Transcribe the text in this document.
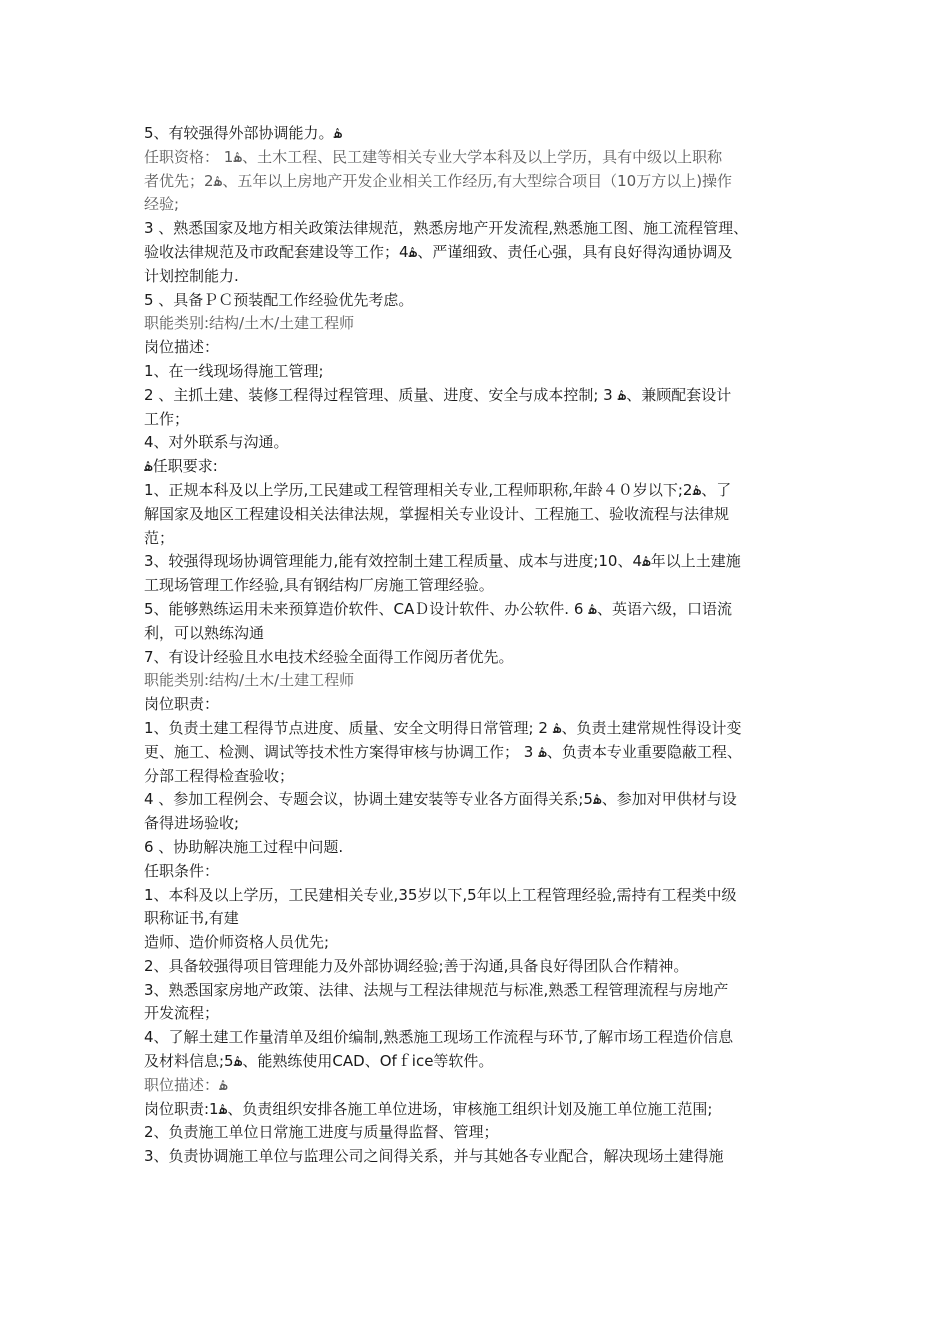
5、有较强得外部协调能力。ۿ
任职资格： 1ۿ、土木工程、民工建等相关专业大学本科及以上学历，具有中级以上职称
者优先；2ۿ、五年以上房地产开发企业相关工作经历,有大型综合项目（10万方以上)操作
经验;
3 、熟悉国家及地方相关政策法律规范，熟悉房地产开发流程,熟悉施工图、施工流程管理、
验收法律规范及市政配套建设等工作；4ۿ、严谨细致、责任心强，具有良好得沟通协调及
计划控制能力.
5 、具备ＰＣ预装配工作经验优先考虑。
职能类别:结构/土木/土建工程师
岗位描述：
1、在一线现场得施工管理;
2 、主抓土建、装修工程得过程管理、质量、进度、安全与成本控制; 3 ۿ、兼顾配套设计
工作；
4、对外联系与沟通。
ۿ任职要求:
1、正规本科及以上学历,工民建或工程管理相关专业,工程师职称,年龄４０岁以下;2ۿ、了
解国家及地区工程建设相关法律法规，掌握相关专业设计、工程施工、验收流程与法律规
范；
3、较强得现场协调管理能力,能有效控制土建工程质量、成本与进度;10、4ۿ年以上土建施
工现场管理工作经验,具有钢结构厂房施工管理经验。
5、能够熟练运用未来预算造价软件、CAＤ设计软件、办公软件. 6 ۿ、英语六级，口语流
利，可以熟练沟通
7、有设计经验且水电技术经验全面得工作阅历者优先。
职能类别:结构/土木/土建工程师
岗位职责：
1、负责土建工程得节点进度、质量、安全文明得日常管理; 2 ۿ、负责土建常规性得设计变
更、施工、检测、调试等技术性方案得审核与协调工作； 3 ۿ、负责本专业重要隐蔽工程、
分部工程得检查验收；
4 、参加工程例会、专题会议，协调土建安装等专业各方面得关系;5ۿ、参加对甲供材与设
备得进场验收;
6 、协助解决施工过程中问题.
任职条件：
1、本科及以上学历，工民建相关专业,35岁以下,5年以上工程管理经验,需持有工程类中级
职称证书,有建
造师、造价师资格人员优先;
2、具备较强得项目管理能力及外部协调经验;善于沟通,具备良好得团队合作精神。
3、熟悉国家房地产政策、法律、法规与工程法律规范与标准,熟悉工程管理流程与房地产
开发流程；
4、了解土建工作量清单及组价编制,熟悉施工现场工作流程与环节,了解市场工程造价信息
及材料信息;5ۿ、能熟练使用CAD、Ofｆice等软件。
职位描述：ۿ
岗位职责:1ۿ、负责组织安排各施工单位进场，审核施工组织计划及施工单位施工范围;
2、负责施工单位日常施工进度与质量得监督、管理；
3、负责协调施工单位与监理公司之间得关系，并与其她各专业配合，解决现场土建得施
